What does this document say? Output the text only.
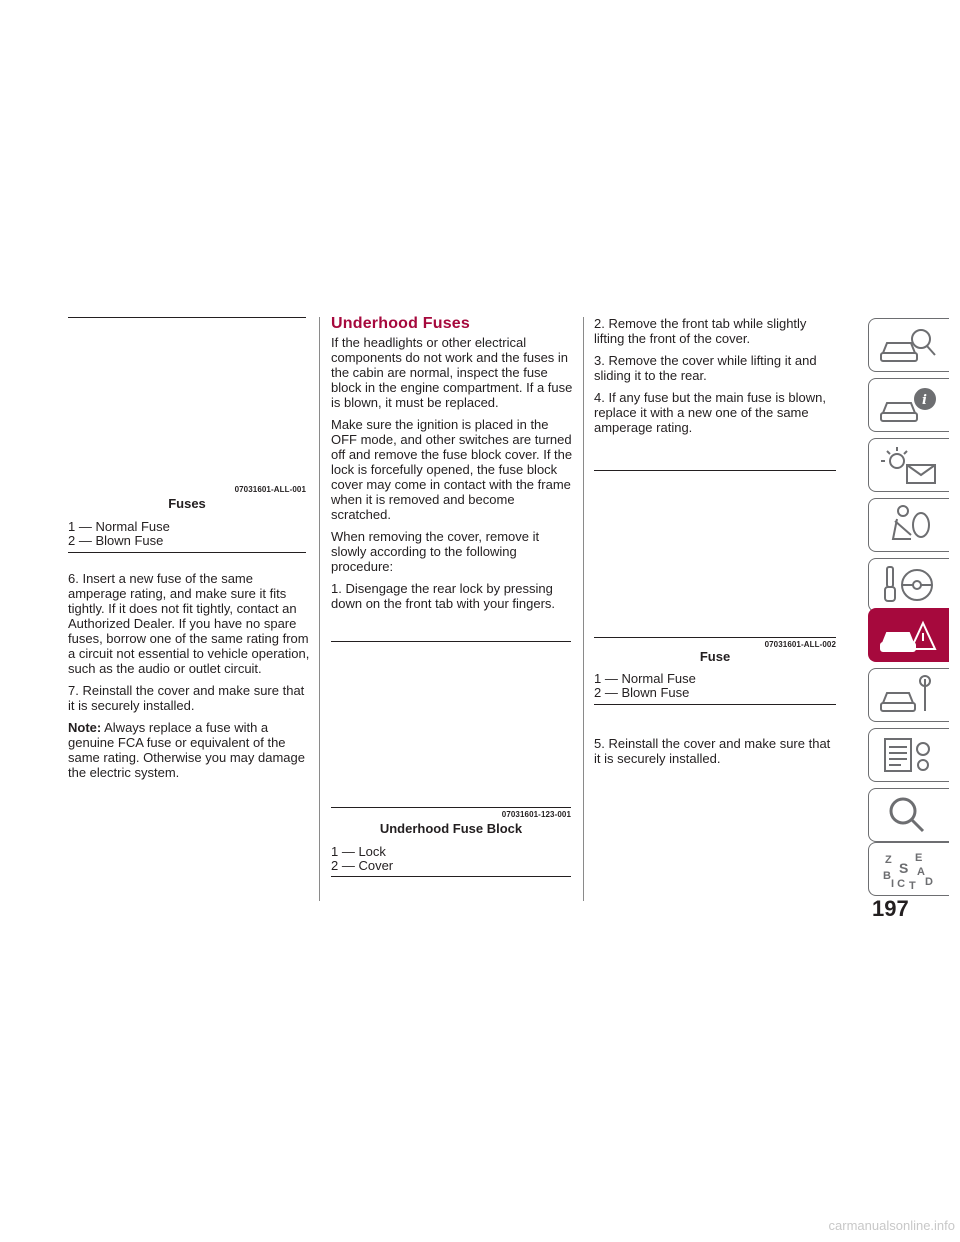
07031601-ALL-001
Fuses
1 — Normal Fuse
2 — Blown Fuse

6. Insert a new fuse of the same amperage rating, and make sure it fits tightly. If it does not fit tightly, contact an Authorized Dealer. If you have no spare fuses, borrow one of the same rating from a circuit not essential to vehicle operation, such as the audio or outlet circuit.

7. Reinstall the cover and make sure that it is securely installed.

Note: Always replace a fuse with a genuine FCA fuse or equivalent of the same rating. Otherwise you may damage the electric system.

Underhood Fuses

If the headlights or other electrical components do not work and the fuses in the cabin are normal, inspect the fuse block in the engine compartment. If a fuse is blown, it must be replaced.

Make sure the ignition is placed in the OFF mode, and other switches are turned off and remove the fuse block cover. If the lock is forcefully opened, the fuse block cover may come in contact with the frame when it is removed and become scratched.

When removing the cover, remove it slowly according to the following procedure:

1. Disengage the rear lock by pressing down on the front tab with your fingers.

07031601-123-001
Underhood Fuse Block
1 — Lock
2 — Cover

2. Remove the front tab while slightly lifting the front of the cover.

3. Remove the cover while lifting it and sliding it to the rear.

4. If any fuse but the main fuse is blown, replace it with a new one of the same amperage rating.

07031601-ALL-002
Fuse
1 — Normal Fuse
2 — Blown Fuse
5. Reinstall the cover and make sure that it is securely installed.
i
Z E
S A
B
I C T D
197
carmanualsonline.info
